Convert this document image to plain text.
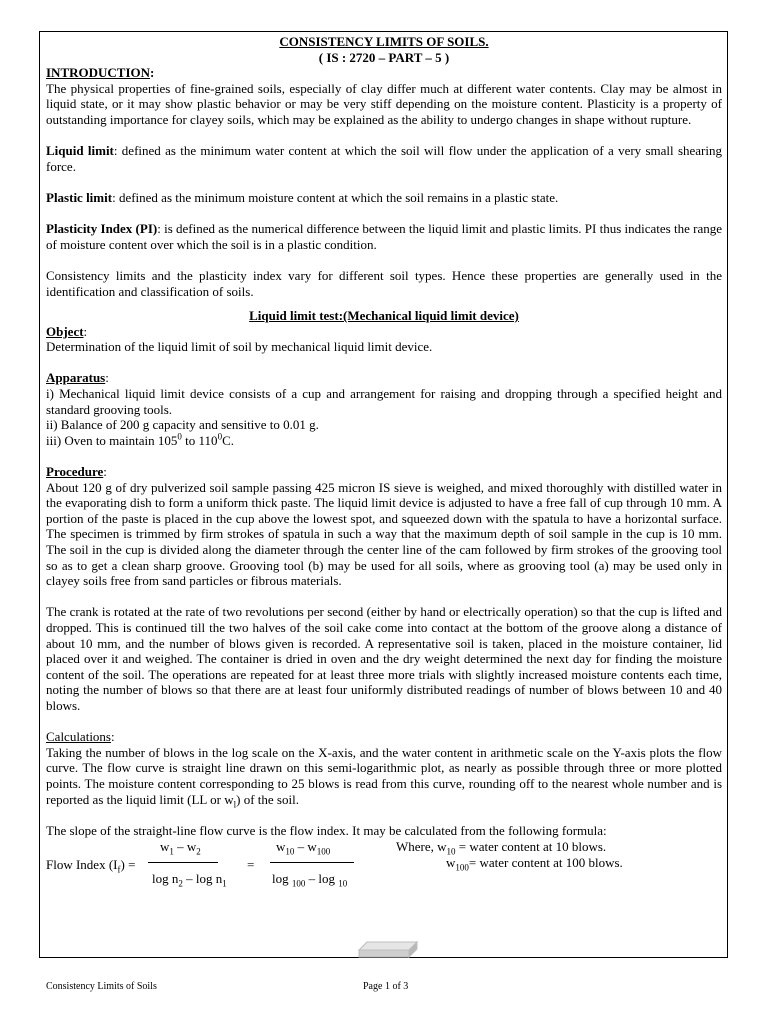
CONSISTENCY LIMITS OF SOILS.
( IS : 2720 – PART – 5 )
INTRODUCTION:

The physical properties of fine-grained soils, especially of clay differ much at different water contents. Clay may be almost in liquid state, or it may show plastic behavior or may be very stiff depending on the moisture content. Plasticity is a property of outstanding importance for clayey soils, which may be explained as the ability to undergo changes in shape without rupture.

Liquid limit: defined as the minimum water content at which the soil will flow under the application of a very small shearing force.

Plastic limit: defined as the minimum moisture content at which the soil remains in a plastic state.

Plasticity Index (PI): is defined as the numerical difference between the liquid limit and plastic limits. PI thus indicates the range of moisture content over which the soil is in a plastic condition.

Consistency limits and the plasticity index vary for different soil types. Hence these properties are generally used in the identification and classification of soils.

Liquid limit test:(Mechanical liquid limit device)
Object:

Determination of the liquid limit of soil by mechanical liquid limit device.

Apparatus:

i) Mechanical liquid limit device consists of a cup and arrangement for raising and dropping through a specified height and standard grooving tools.

ii) Balance of 200 g capacity and sensitive to 0.01 g.

iii) Oven to maintain $105^0$ to $110^0C$.

Procedure:

About 120 g of dry pulverized soil sample passing 425 micron IS sieve is weighed, and mixed thoroughly with distilled water in the evaporating dish to form a uniform thick paste. The liquid limit device is adjusted to have a free fall of cup through 10 mm. A portion of the paste is placed in the cup above the lowest spot, and squeezed down with the spatula to have a horizontal surface. The specimen is trimmed by firm strokes of spatula in such a way that the maximum depth of soil sample in the cup is 10 mm. The soil in the cup is divided along the diameter through the center line of the cam followed by firm strokes of the grooving tool so as to get a clean sharp groove. Grooving tool (b) may be used for all soils, where as grooving tool (a) may be used only in clayey soils free from sand particles or fibrous materials.

The crank is rotated at the rate of two revolutions per second (either by hand or electrically operation) so that the cup is lifted and dropped. This is continued till the two halves of the soil cake come into contact at the bottom of the groove along a distance of about 10 mm, and the number of blows given is recorded. A representative soil is taken, placed in the moisture container, lid placed over it and weighed. The container is dried in oven and the dry weight determined the next day for finding the moisture content of the soil. The operations are repeated for at least three more trials with slightly increased moisture contents each time, noting the number of blows so that there are at least four uniformly distributed readings of number of blows between 10 and 40 blows.

Calculations:

Taking the number of blows in the log scale on the X-axis, and the water content in arithmetic scale on the Y-axis plots the flow curve. The flow curve is straight line drawn on this semi-logarithmic plot, as nearly as possible through three or more plotted points. The moisture content corresponding to 25 blows is read from this curve, rounding off to the nearest whole number and is reported as the liquid limit (LL or $w_l$) of the soil.

The slope of the straight-line flow curve is the flow index. It may be calculated from the following formula:

$w_1 - w_2$
Flow Index $(I_f)$ =
$\log n_2$ – $\log n_1$
=
$w_{10} - w_{100}$
log $_{100}$ – log $_{10}$
Where, $w_{10}$ = water content at 10 blows.
$w_{100}=$ water content at 100 blows.
Consistency Limits of Soils	Page 1 of 3
